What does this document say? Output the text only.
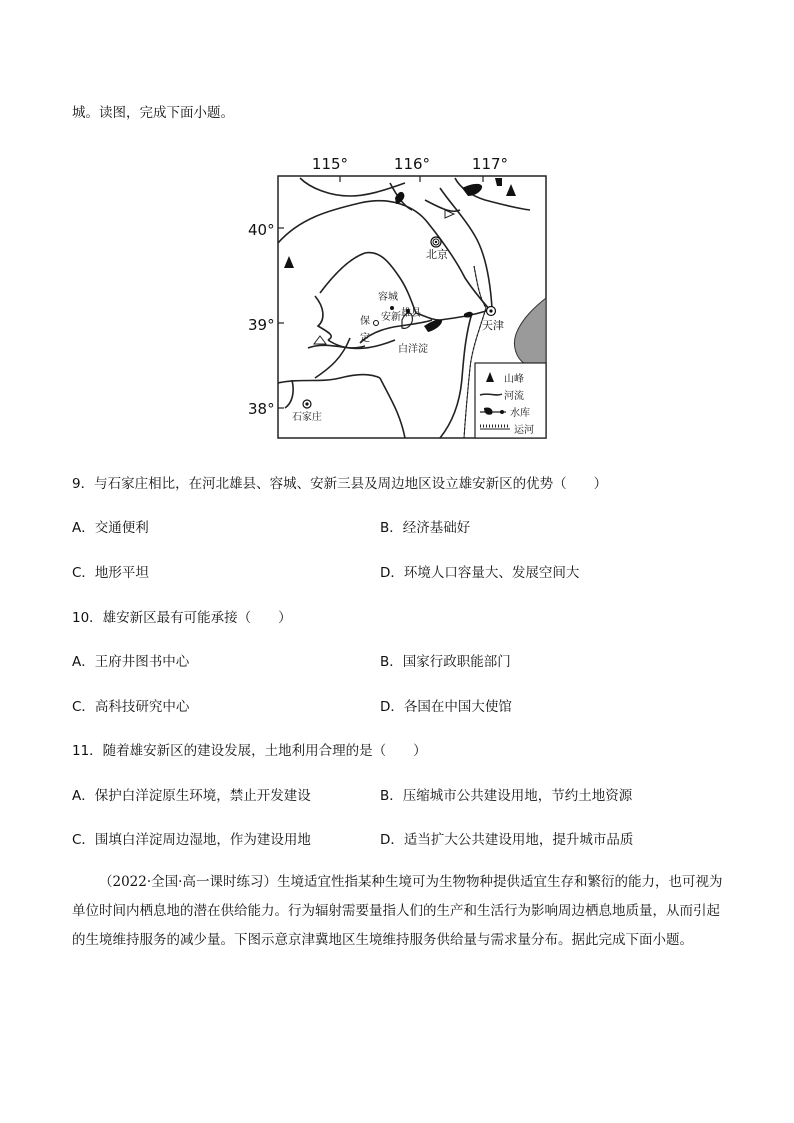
城。读图，完成下面小题。
115°	116°	117°
40°
39°
38°
北京
天津
容城
雄县
安新
保
定
白洋淀
石家庄
山峰
河流
水库
运河
9．与石家庄相比，在河北雄县、容城、安新三县及周边地区设立雄安新区的优势（　　）
A．交通便利	B．经济基础好
C．地形平坦	D．环境人口容量大、发展空间大
10．雄安新区最有可能承接（　　）
A．王府井图书中心	B．国家行政职能部门
C．高科技研究中心	D．各国在中国大使馆
11．随着雄安新区的建设发展，土地利用合理的是（　　）
A．保护白洋淀原生环境，禁止开发建设	B．压缩城市公共建设用地，节约土地资源
C．围填白洋淀周边湿地，作为建设用地	D．适当扩大公共建设用地，提升城市品质
（2022·全国·高一课时练习）生境适宜性指某种生境可为生物物种提供适宜生存和繁衍的能力，也可视为单位时间内栖息地的潜在供给能力。行为辐射需要量指人们的生产和生活行为影响周边栖息地质量，从而引起的生境维持服务的减少量。下图示意京津冀地区生境维持服务供给量与需求量分布。据此完成下面小题。
